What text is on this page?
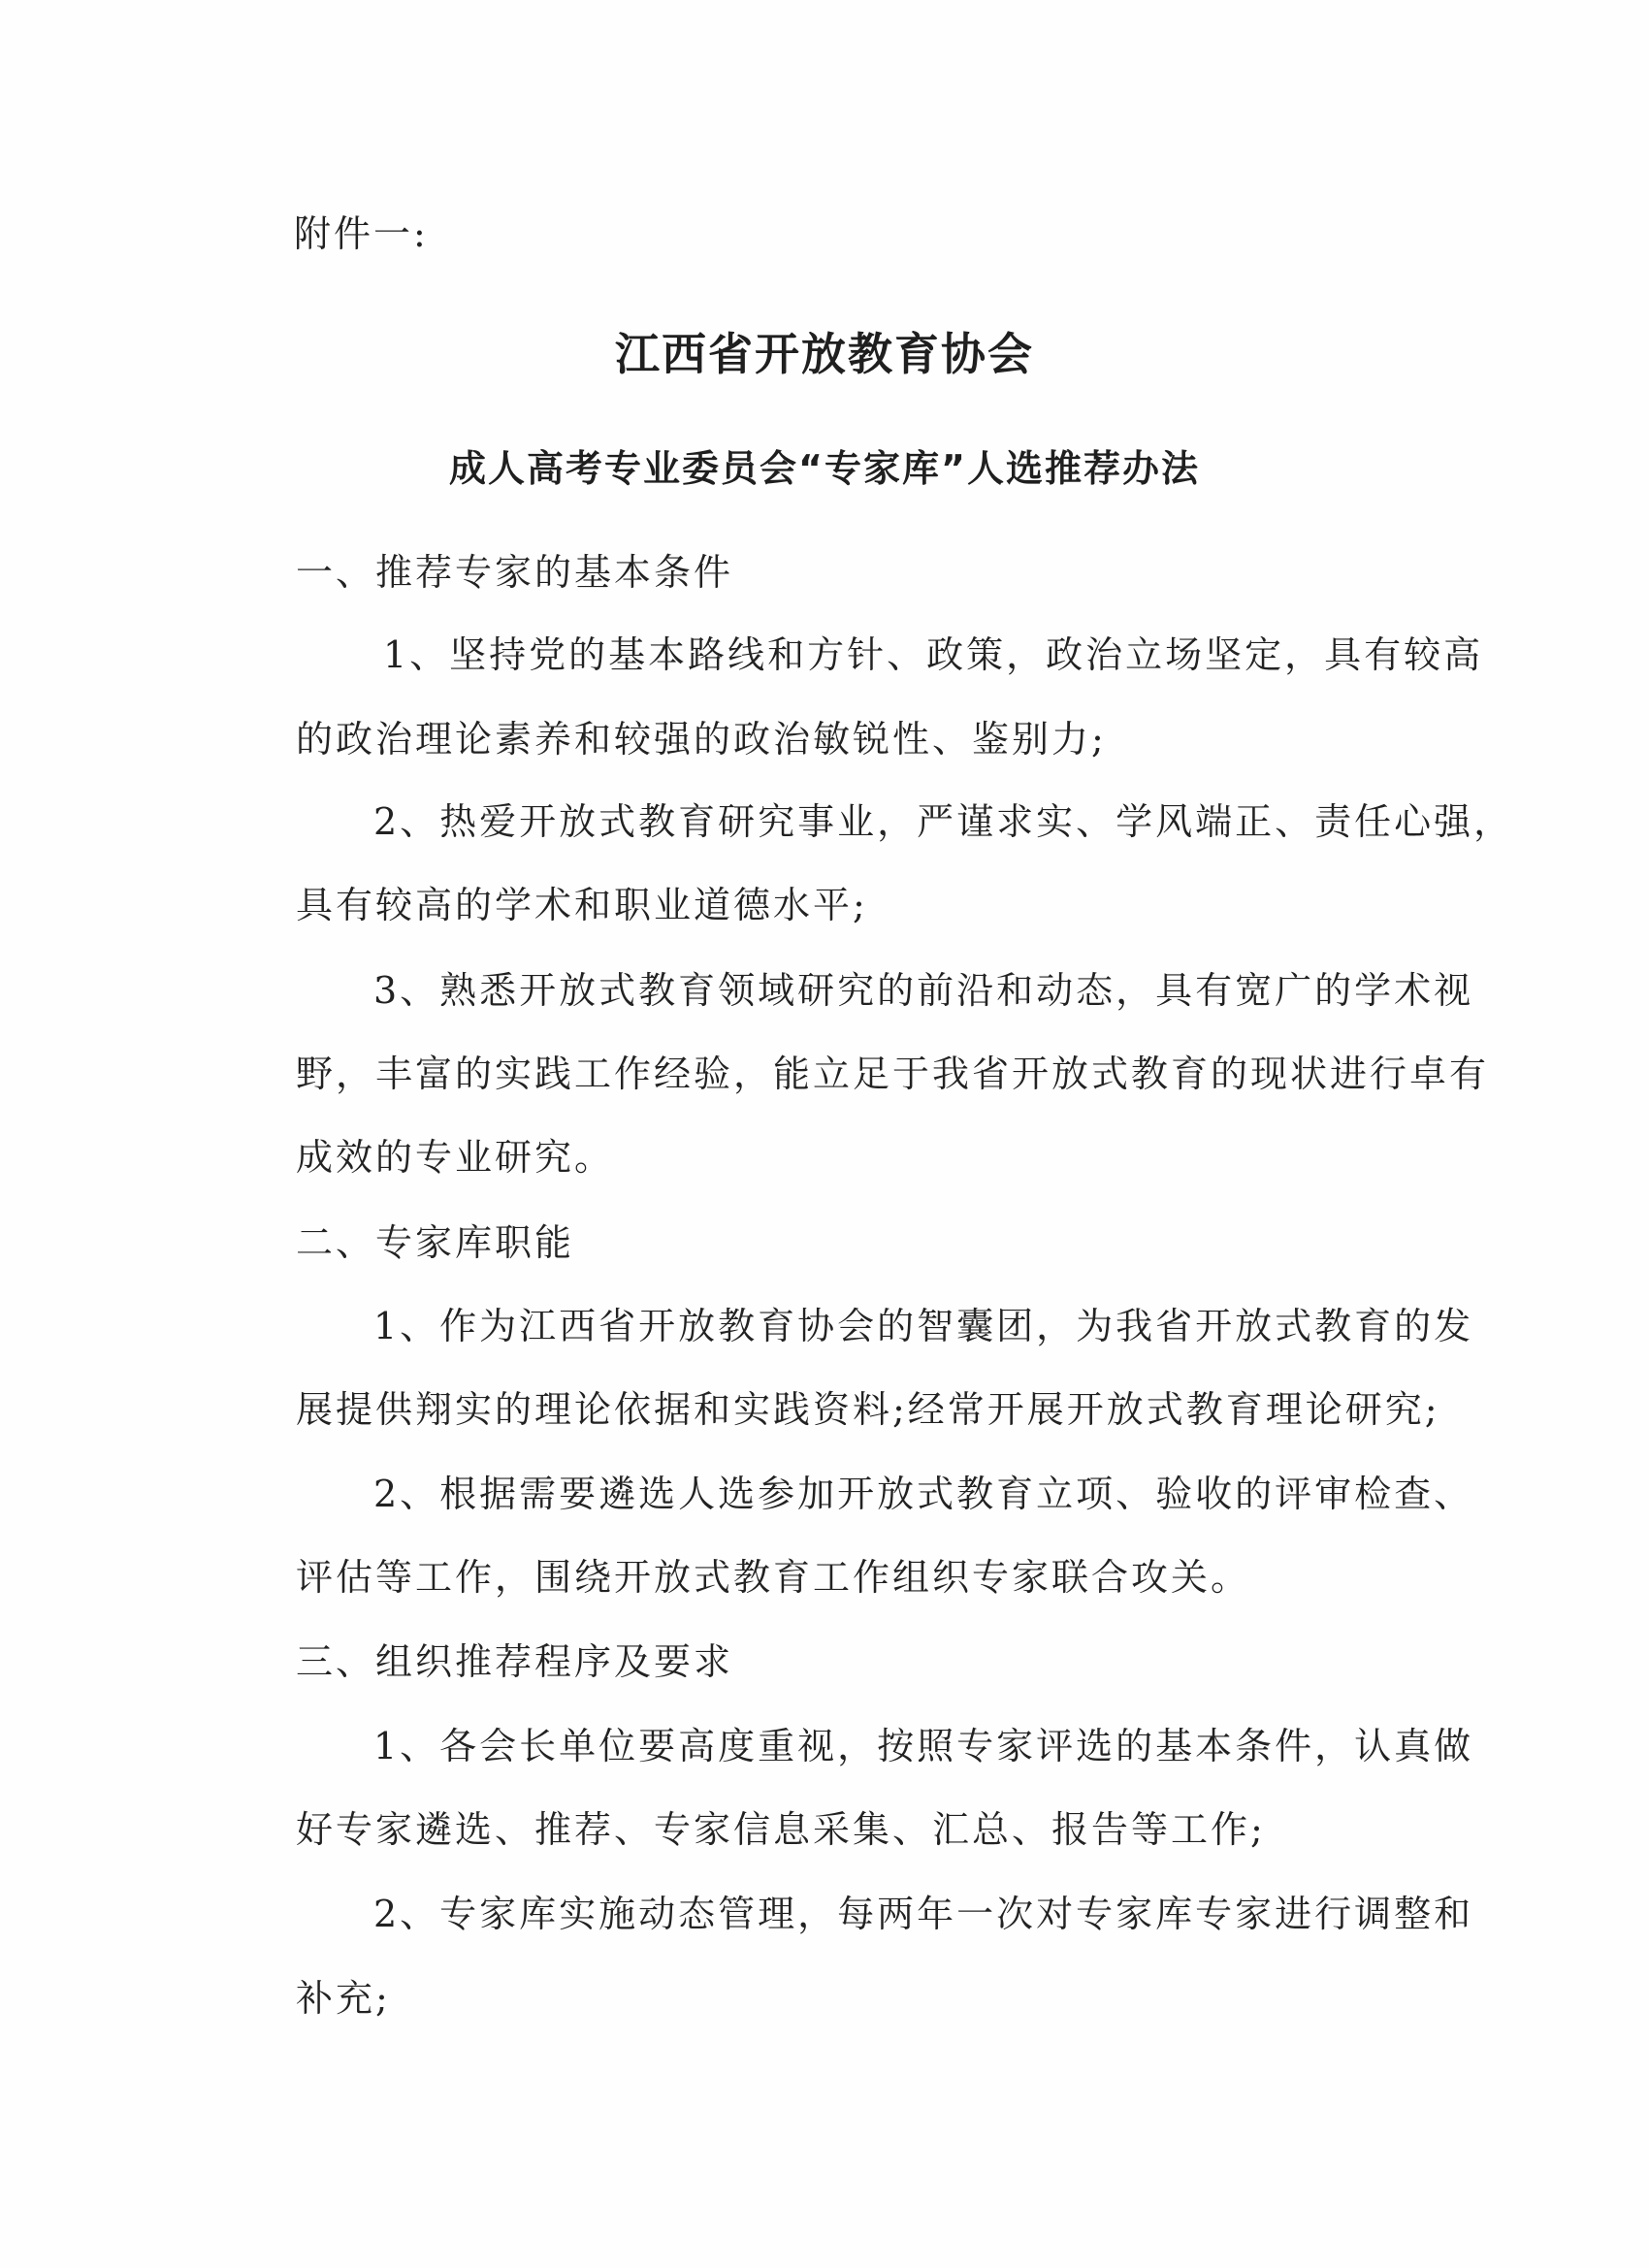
附件一:
江西省开放教育协会
成人高考专业委员会“专家库”人选推荐办法
一、推荐专家的基本条件
1、坚持党的基本路线和方针、政策，政治立场坚定，具有较高
的政治理论素养和较强的政治敏锐性、鉴别力;
2、热爱开放式教育研究事业，严谨求实、学风端正、责任心强，
具有较高的学术和职业道德水平;
3、熟悉开放式教育领域研究的前沿和动态，具有宽广的学术视
野，丰富的实践工作经验，能立足于我省开放式教育的现状进行卓有
成效的专业研究。
二、专家库职能
1、作为江西省开放教育协会的智囊团，为我省开放式教育的发
展提供翔实的理论依据和实践资料;经常开展开放式教育理论研究;
2、根据需要遴选人选参加开放式教育立项、验收的评审检查、
评估等工作，围绕开放式教育工作组织专家联合攻关。
三、组织推荐程序及要求
1、各会长单位要高度重视，按照专家评选的基本条件，认真做
好专家遴选、推荐、专家信息采集、汇总、报告等工作;
2、专家库实施动态管理，每两年一次对专家库专家进行调整和
补充;
